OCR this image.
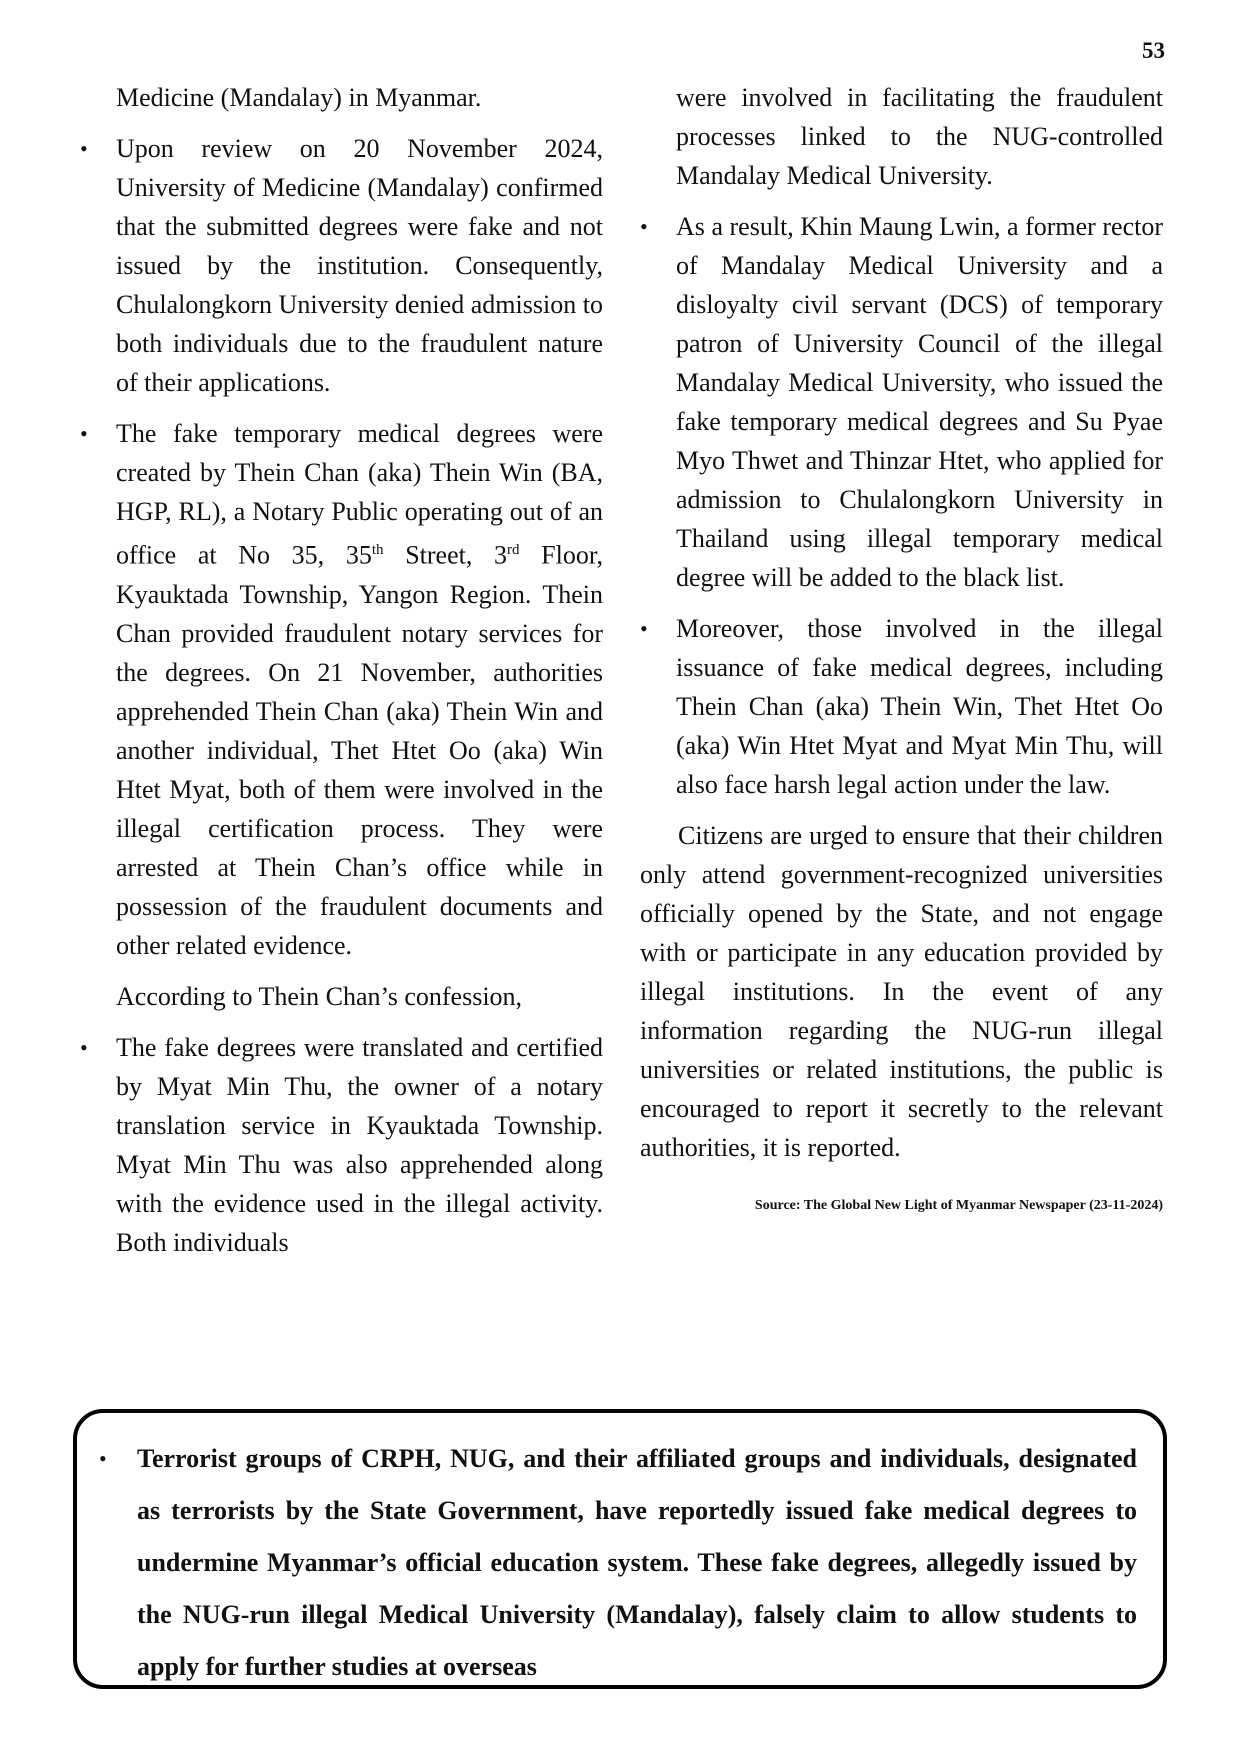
53

Medicine (Mandalay) in Myanmar.

• Upon review on 20 November 2024, University of Medicine (Mandalay) confirmed that the submitted degrees were fake and not issued by the institution. Consequently, Chulalongkorn University denied admission to both individuals due to the fraudulent nature of their applications.

• The fake temporary medical degrees were created by Thein Chan (aka) Thein Win (BA, HGP, RL), a Notary Public operating out of an office at No 35, 35th Street, 3rd Floor, Kyauktada Township, Yangon Region. Thein Chan provided fraudulent notary services for the degrees. On 21 November, authorities apprehended Thein Chan (aka) Thein Win and another individual, Thet Htet Oo (aka) Win Htet Myat, both of them were involved in the illegal certification process. They were arrested at Thein Chan’s office while in possession of the fraudulent documents and other related evidence.

According to Thein Chan’s confession,

• The fake degrees were translated and certified by Myat Min Thu, the owner of a notary translation service in Kyauktada Township. Myat Min Thu was also apprehended along with the evidence used in the illegal activity. Both individuals

were involved in facilitating the fraudulent processes linked to the NUG-controlled Mandalay Medical University.

• As a result, Khin Maung Lwin, a former rector of Mandalay Medical University and a disloyalty civil servant (DCS) of temporary patron of University Council of the illegal Mandalay Medical University, who issued the fake temporary medical degrees and Su Pyae Myo Thwet and Thinzar Htet, who applied for admission to Chulalongkorn University in Thailand using illegal temporary medical degree will be added to the black list.

• Moreover, those involved in the illegal issuance of fake medical degrees, including Thein Chan (aka) Thein Win, Thet Htet Oo (aka) Win Htet Myat and Myat Min Thu, will also face harsh legal action under the law.

Citizens are urged to ensure that their children only attend government-recognized universities officially opened by the State, and not engage with or participate in any education provided by illegal institutions. In the event of any information regarding the NUG-run illegal universities or related institutions, the public is encouraged to report it secretly to the relevant authorities, it is reported.

Source: The Global New Light of Myanmar Newspaper (23-11-2024)
• Terrorist groups of CRPH, NUG, and their affiliated groups and individuals, designated as terrorists by the State Government, have reportedly issued fake medical degrees to undermine Myanmar’s official education system. These fake degrees, allegedly issued by the NUG-run illegal Medical University (Mandalay), falsely claim to allow students to apply for further studies at overseas
